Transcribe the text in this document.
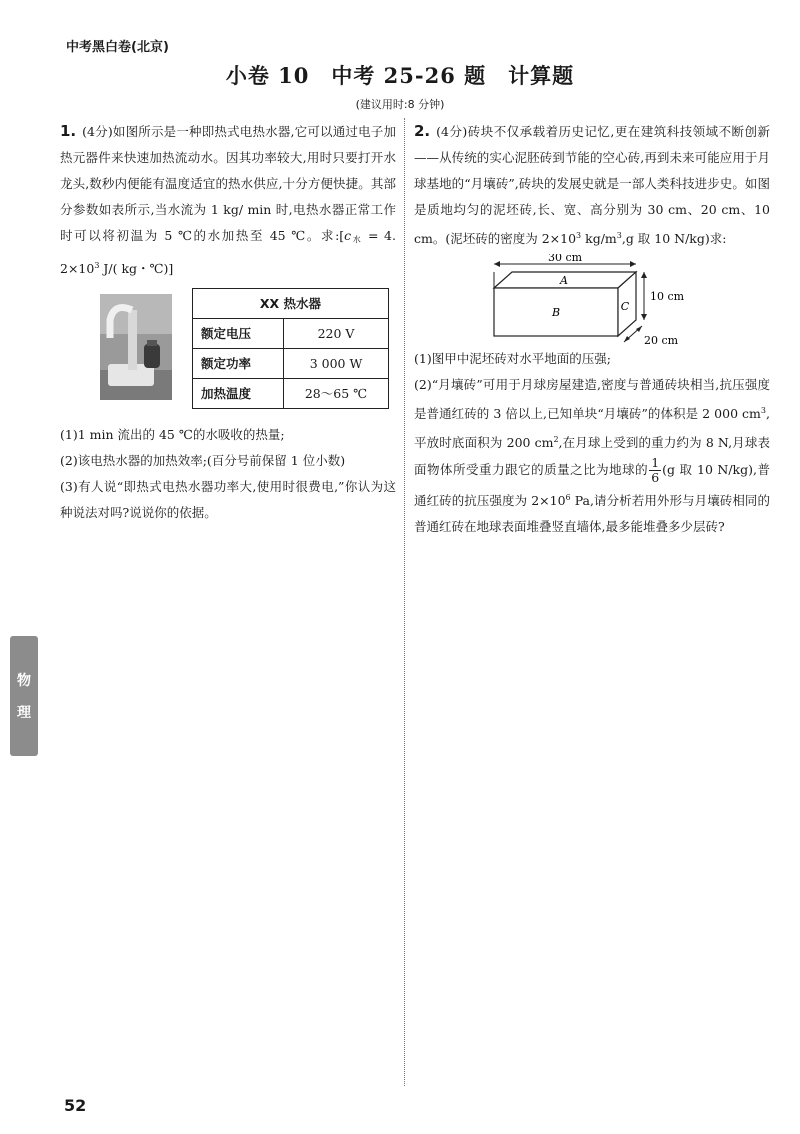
中考黑白卷(北京)
小卷 10　中考 25-26 题　计算题
(建议用时:8 分钟)

1. (4分)如图所示是一种即热式电热水器,它可以通过电子加热元器件来快速加热流动水。因其功率较大,用时只要打开水龙头,数秒内便能有温度适宜的热水供应,十分方便快捷。其部分参数如表所示,当水流为 1 kg/ min 时,电热水器正常工作时可以将初温为 5 ℃的水加热至 45 ℃。求$:[c_水 = 4$. $2\times 10^3$ J/( kg・℃)]

XX 热水器	
额定电压	220 V
额定功率	3 000 W
加热温度	28～65 ℃

(1)1 min 流出的 45 ℃的水吸收的热量;

(2)该电热水器的加热效率;(百分号前保留 1 位小数)

(3)有人说“即热式电热水器功率大,使用时很费电,”你认为这种说法对吗?说说你的依据。

2. (4分)砖块不仅承载着历史记忆,更在建筑科技领域不断创新——从传统的实心泥胚砖到节能的空心砖,再到未来可能应用于月球基地的“月壤砖”,砖块的发展史就是一部人类科技进步史。如图是质地均匀的泥坯砖,长、宽、高分别为 30 cm、20 cm、10 cm。(泥坯砖的密度为 $2\times 10^3$ $kg/m^3,g$ 取 10 N/kg)求:

30 cm
A
B	C
10 cm
20 cm

(1)图甲中泥坯砖对水平地面的压强;

(2)“月壤砖”可用于月球房屋建造,密度与普通砖块相当,抗压强度是普通红砖的 3 倍以上,已知单块“月壤砖”的体积是 2 000 $cm^3$,平放时底面积为 200 $cm^2$,在月球上受到的重力约为 8 N,月球表面物体所受重力跟它的质量之比为地球的 $\frac{1}{6} (g$ 取 10 N/kg),普通红砖的抗压强度为 $2\times 10^6$ Pa,请分析若用外形与月壤砖相同的普通红砖在地球表面堆叠竖直墙体,最多能堆叠多少层砖?

物
理
52
